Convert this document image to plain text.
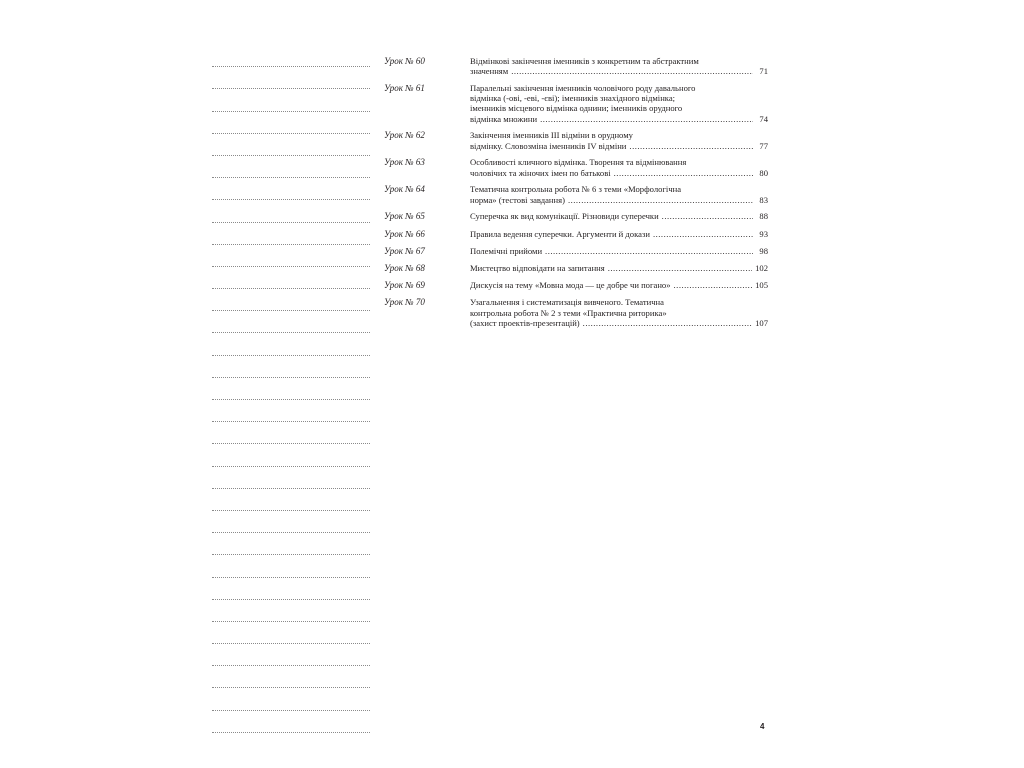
Урок № 60	Відмінкові закінчення іменників з конкретним та абстрактним
значенням .....	71
Урок № 61	Паралельні закінчення іменників чоловічого роду давального
відмінка (-ові, -еві, -єві); іменників знахідного відмінка;
іменників місцевого відмінка однини; іменників орудного
відмінка множини .....	74
Урок № 62	Закінчення іменників ІІІ відміни в орудному
відмінку. Словозміна іменників IV відміни .....	77
Урок № 63	Особливості кличного відмінка. Творення та відмінювання
чоловічих та жіночих імен по батькові .....	80
Урок № 64	Тематична контрольна робота № 6 з теми «Морфологічна
норма» (тестові завдання) .....	83
Урок № 65	Суперечка як вид комунікації. Різновиди суперечки .....	88
Урок № 66	Правила ведення суперечки. Аргументи й докази .....	93
Урок № 67	Полемічні прийоми .....	98
Урок № 68	Мистецтво відповідати на запитання .....	102
Урок № 69	Дискусія на тему «Мовна мода — це добре чи погано» .....	105
Урок № 70	Узагальнення і систематизація вивченого. Тематична
контрольна робота № 2 з теми «Практична риторика»
(захист проектів-презентацій) .....	107
4
